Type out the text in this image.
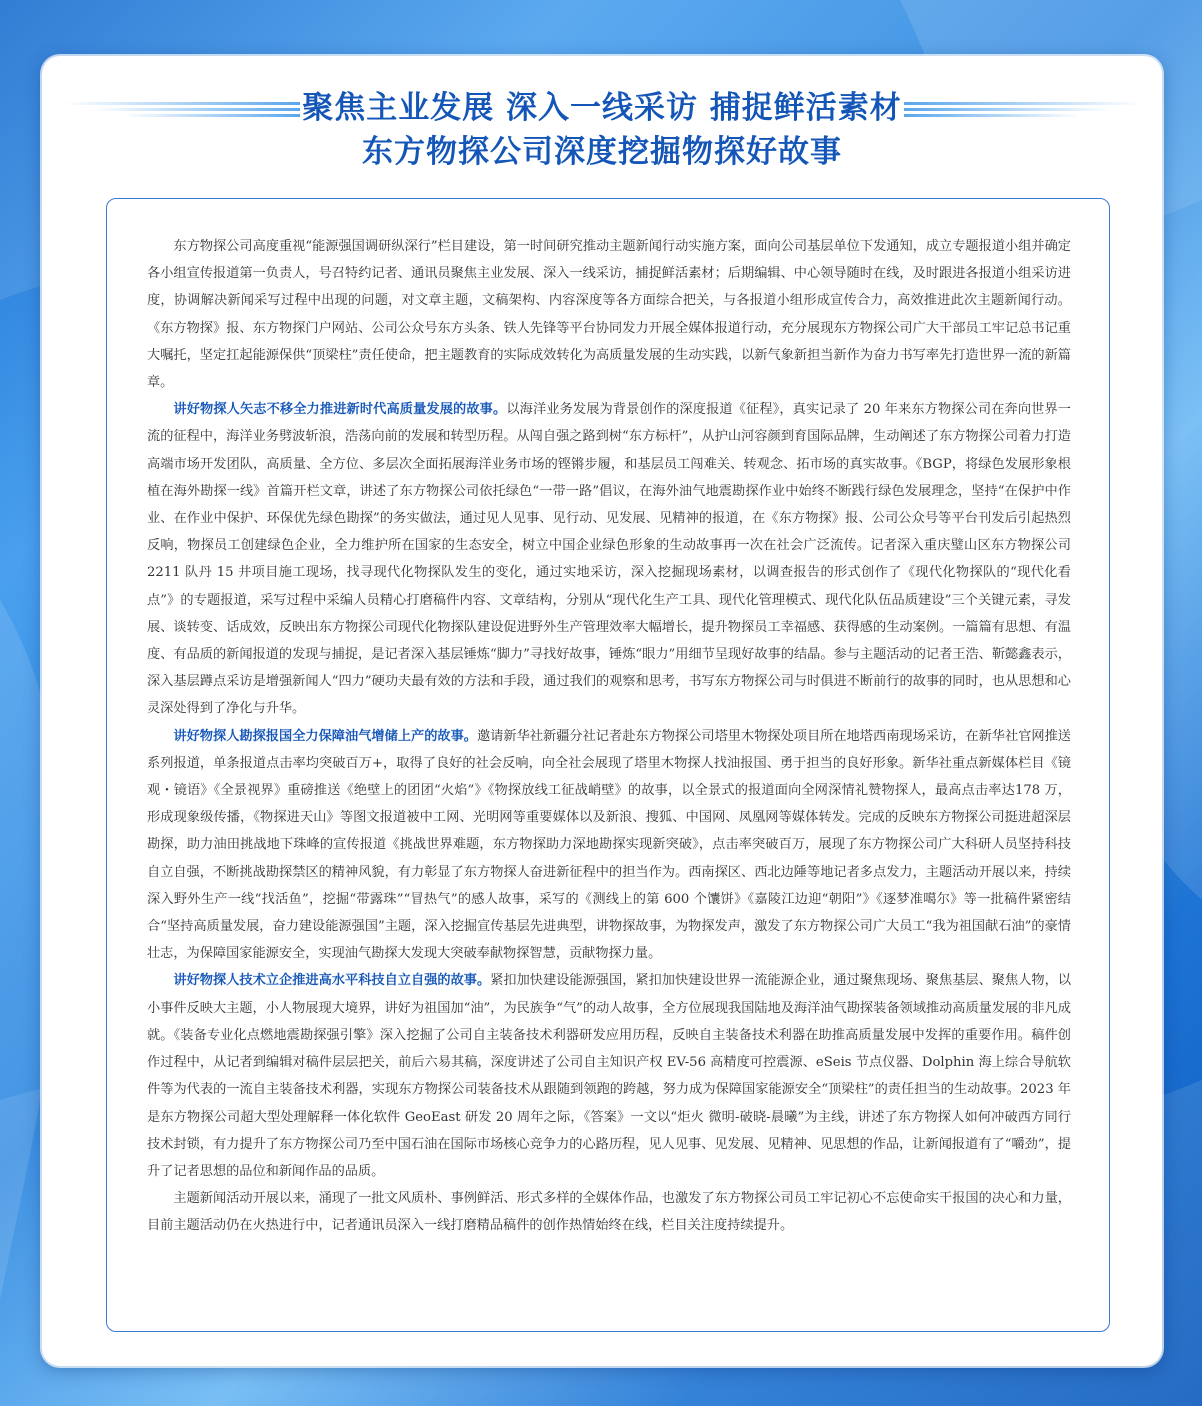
聚焦主业发展 深入一线采访 捕捉鲜活素材
东方物探公司深度挖掘物探好故事

东方物探公司高度重视“能源强国调研纵深行”栏目建设，第一时间研究推动主题新闻行动实施方案，面向公司基层单位下发通知，成立专题报道小组并确定各小组宣传报道第一负责人，号召特约记者、通讯员聚焦主业发展、深入一线采访，捕捉鲜活素材；后期编辑、中心领导随时在线，及时跟进各报道小组采访进度，协调解决新闻采写过程中出现的问题，对文章主题，文稿架构、内容深度等各方面综合把关，与各报道小组形成宣传合力，高效推进此次主题新闻行动。《东方物探》报、东方物探门户网站、公司公众号东方头条、铁人先锋等平台协同发力开展全媒体报道行动，充分展现东方物探公司广大干部员工牢记总书记重大嘱托，坚定扛起能源保供“顶梁柱”责任使命，把主题教育的实际成效转化为高质量发展的生动实践，以新气象新担当新作为奋力书写率先打造世界一流的新篇章。

讲好物探人矢志不移全力推进新时代高质量发展的故事。以海洋业务发展为背景创作的深度报道《征程》，真实记录了 20 年来东方物探公司在奔向世界一流的征程中，海洋业务劈波斩浪，浩荡向前的发展和转型历程。从闯自强之路到树“东方标杆”，从护山河容颜到育国际品牌，生动阐述了东方物探公司着力打造高端市场开发团队，高质量、全方位、多层次全面拓展海洋业务市场的铿锵步履，和基层员工闯难关、转观念、拓市场的真实故事。《BGP，将绿色发展形象根植在海外勘探一线》首篇开栏文章，讲述了东方物探公司依托绿色“一带一路”倡议，在海外油气地震勘探作业中始终不断践行绿色发展理念，坚持“在保护中作业、在作业中保护、环保优先绿色勘探”的务实做法，通过见人见事、见行动、见发展、见精神的报道，在《东方物探》报、公司公众号等平台刊发后引起热烈反响，物探员工创建绿色企业，全力维护所在国家的生态安全，树立中国企业绿色形象的生动故事再一次在社会广泛流传。记者深入重庆璧山区东方物探公司 2211 队丹 15 井项目施工现场，找寻现代化物探队发生的变化，通过实地采访，深入挖掘现场素材，以调查报告的形式创作了《现代化物探队的“现代化看点”》的专题报道，采写过程中采编人员精心打磨稿件内容、文章结构，分别从“现代化生产工具、现代化管理模式、现代化队伍品质建设”三个关键元素，寻发展、谈转变、话成效，反映出东方物探公司现代化物探队建设促进野外生产管理效率大幅增长，提升物探员工幸福感、获得感的生动案例。一篇篇有思想、有温度、有品质的新闻报道的发现与捕捉，是记者深入基层锤炼“脚力”寻找好故事，锤炼“眼力”用细节呈现好故事的结晶。参与主题活动的记者王浩、靳懿鑫表示，深入基层蹲点采访是增强新闻人“四力”硬功夫最有效的方法和手段，通过我们的观察和思考，书写东方物探公司与时俱进不断前行的故事的同时，也从思想和心灵深处得到了净化与升华。

讲好物探人勘探报国全力保障油气增储上产的故事。邀请新华社新疆分社记者赴东方物探公司塔里木物探处项目所在地塔西南现场采访，在新华社官网推送系列报道，单条报道点击率均突破百万+，取得了良好的社会反响，向全社会展现了塔里木物探人找油报国、勇于担当的良好形象。新华社重点新媒体栏目《镜观・镜语》《全景视界》重磅推送《绝壁上的团团“火焰”》《物探放线工征战峭壁》的故事，以全景式的报道面向全网深情礼赞物探人，最高点击率达178 万，形成现象级传播，《物探进天山》等图文报道被中工网、光明网等重要媒体以及新浪、搜狐、中国网、凤凰网等媒体转发。完成的反映东方物探公司挺进超深层勘探，助力油田挑战地下珠峰的宣传报道《挑战世界难题，东方物探助力深地勘探实现新突破》，点击率突破百万，展现了东方物探公司广大科研人员坚持科技自立自强，不断挑战勘探禁区的精神风貌，有力彰显了东方物探人奋进新征程中的担当作为。西南探区、西北边陲等地记者多点发力，主题活动开展以来，持续深入野外生产一线“找活鱼”，挖掘“带露珠”“冒热气”的感人故事，采写的《测线上的第 600 个馕饼》《嘉陵江边迎“朝阳”》《逐梦准噶尔》等一批稿件紧密结合“坚持高质量发展，奋力建设能源强国”主题，深入挖掘宣传基层先进典型，讲物探故事，为物探发声，激发了东方物探公司广大员工“我为祖国献石油”的豪情壮志，为保障国家能源安全，实现油气勘探大发现大突破奉献物探智慧，贡献物探力量。

讲好物探人技术立企推进高水平科技自立自强的故事。紧扣加快建设能源强国，紧扣加快建设世界一流能源企业，通过聚焦现场、聚焦基层、聚焦人物，以小事件反映大主题，小人物展现大境界，讲好为祖国加“油”，为民族争“气”的动人故事，全方位展现我国陆地及海洋油气勘探装备领域推动高质量发展的非凡成就。《装备专业化点燃地震勘探强引擎》深入挖掘了公司自主装备技术利器研发应用历程，反映自主装备技术利器在助推高质量发展中发挥的重要作用。稿件创作过程中，从记者到编辑对稿件层层把关，前后六易其稿，深度讲述了公司自主知识产权 EV-56 高精度可控震源、eSeis 节点仪器、Dolphin 海上综合导航软件等为代表的一流自主装备技术利器，实现东方物探公司装备技术从跟随到领跑的跨越，努力成为保障国家能源安全“顶梁柱”的责任担当的生动故事。2023 年是东方物探公司超大型处理解释一体化软件 GeoEast 研发 20 周年之际，《答案》一文以“炬火 微明-破晓-晨曦”为主线，讲述了东方物探人如何冲破西方同行技术封锁，有力提升了东方物探公司乃至中国石油在国际市场核心竞争力的心路历程，见人见事、见发展、见精神、见思想的作品，让新闻报道有了“嚼劲”，提升了记者思想的品位和新闻作品的品质。

主题新闻活动开展以来，涌现了一批文风质朴、事例鲜活、形式多样的全媒体作品，也激发了东方物探公司员工牢记初心不忘使命实干报国的决心和力量，目前主题活动仍在火热进行中，记者通讯员深入一线打磨精品稿件的创作热情始终在线，栏目关注度持续提升。
